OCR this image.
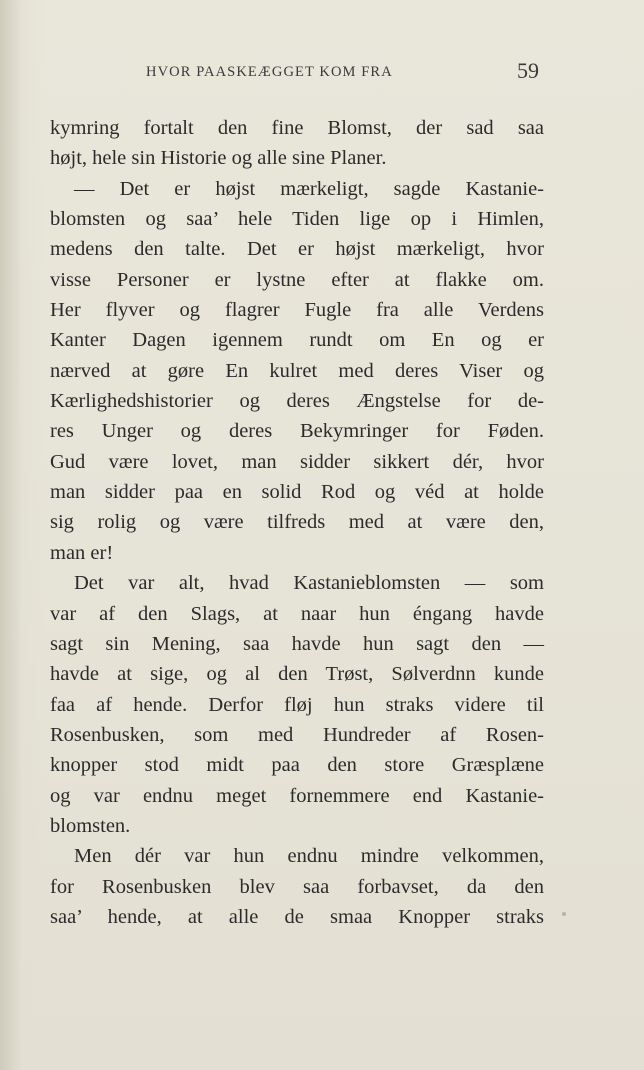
HVOR PAASKEÆGGET KOM FRA	59
kymring fortalt den fine Blomst, der sad saa
højt, hele sin Historie og alle sine Planer.
— Det er højst mærkeligt, sagde Kastanie-
blomsten og saa’ hele Tiden lige op i Himlen,
medens den talte. Det er højst mærkeligt, hvor
visse Personer er lystne efter at flakke om.
Her flyver og flagrer Fugle fra alle Verdens
Kanter Dagen igennem rundt om En og er
nærved at gøre En kulret med deres Viser og
Kærlighedshistorier og deres Ængstelse for de-
res Unger og deres Bekymringer for Føden.
Gud være lovet, man sidder sikkert dér, hvor
man sidder paa en solid Rod og véd at holde
sig rolig og være tilfreds med at være den,
man er!
Det var alt, hvad Kastanieblomsten — som
var af den Slags, at naar hun éngang havde
sagt sin Mening, saa havde hun sagt den —
havde at sige, og al den Trøst, Sølverdnn kunde
faa af hende. Derfor fløj hun straks videre til
Rosenbusken, som med Hundreder af Rosen-
knopper stod midt paa den store Græsplæne
og var endnu meget fornemmere end Kastanie-
blomsten.
Men dér var hun endnu mindre velkommen,
for Rosenbusken blev saa forbavset, da den
saa’ hende, at alle de smaa Knopper straks
